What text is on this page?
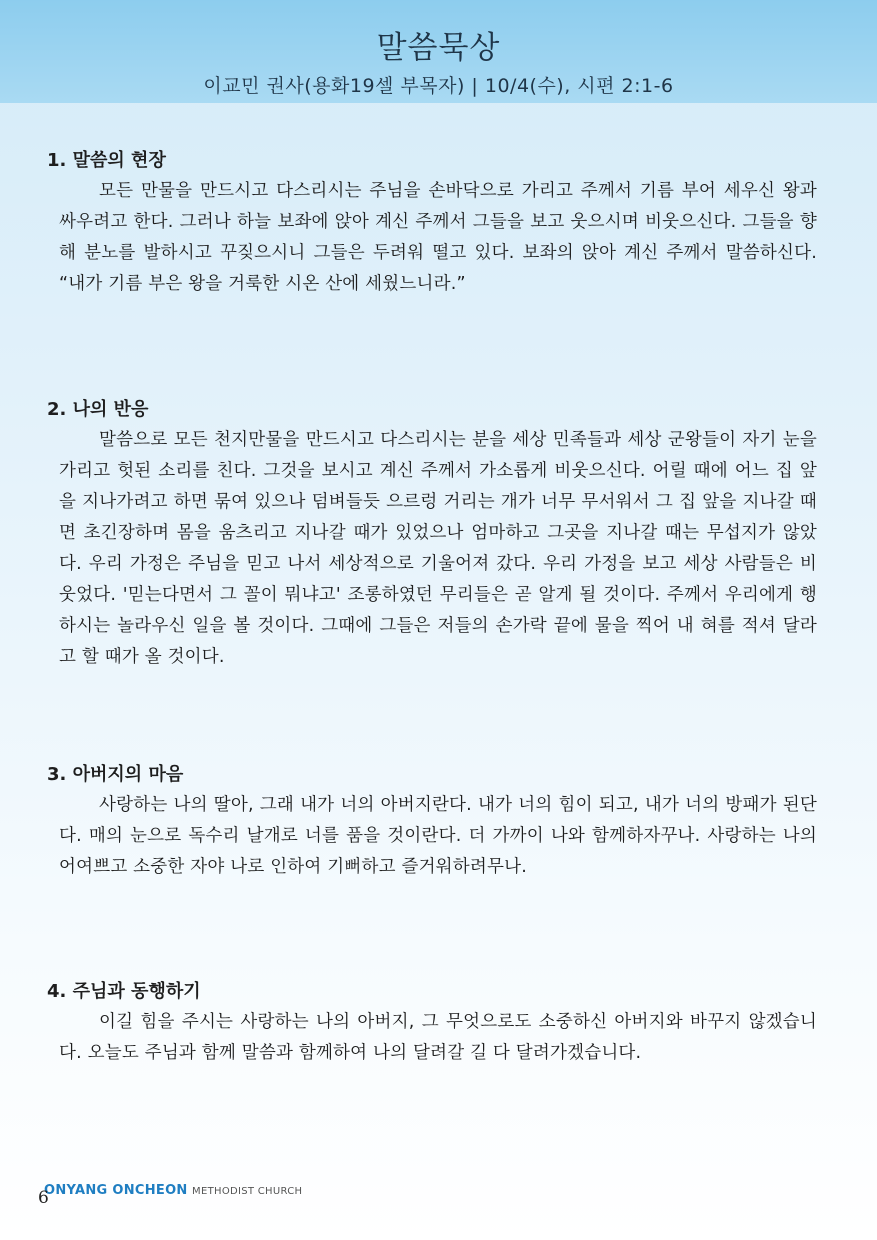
말씀묵상
이교민 권사(용화19셀 부목자) | 10/4(수), 시편 2:1-6
1. 말씀의 현장
모든 만물을 만드시고 다스리시는 주님을 손바닥으로 가리고 주께서 기름 부어 세우신 왕과 싸우려고 한다. 그러나 하늘 보좌에 앉아 계신 주께서 그들을 보고 웃으시며 비웃으신다. 그들을 향해 분노를 발하시고 꾸짖으시니 그들은 두려워 떨고 있다. 보좌의 앉아 계신 주께서 말씀하신다. “내가 기름 부은 왕을 거룩한 시온 산에 세웠느니라.”
2. 나의 반응
말씀으로 모든 천지만물을 만드시고 다스리시는 분을 세상 민족들과 세상 군왕들이 자기 눈을 가리고 헛된 소리를 친다. 그것을 보시고 계신 주께서 가소롭게 비웃으신다. 어릴 때에 어느 집 앞을 지나가려고 하면 묶여 있으나 덤벼들듯 으르렁 거리는 개가 너무 무서워서 그 집 앞을 지나갈 때면 초긴장하며 몸을 움츠리고 지나갈 때가 있었으나 엄마하고 그곳을 지나갈 때는 무섭지가 않았다. 우리 가정은 주님을 믿고 나서 세상적으로 기울어져 갔다. 우리 가정을 보고 세상 사람들은 비웃었다. '믿는다면서 그 꼴이 뭐냐고' 조롱하였던 무리들은 곧 알게 될 것이다. 주께서 우리에게 행하시는 놀라우신 일을 볼 것이다. 그때에 그들은 저들의 손가락 끝에 물을 찍어 내 혀를 적셔 달라고 할 때가 올 것이다.
3. 아버지의 마음
사랑하는 나의 딸아, 그래 내가 너의 아버지란다. 내가 너의 힘이 되고, 내가 너의 방패가 된단다. 매의 눈으로 독수리 날개로 너를 품을 것이란다. 더 가까이 나와 함께하자꾸나. 사랑하는 나의 어여쁘고 소중한 자야 나로 인하여 기뻐하고 즐거워하려무나.
4. 주님과 동행하기
이길 힘을 주시는 사랑하는 나의 아버지, 그 무엇으로도 소중하신 아버지와 바꾸지 않겠습니다. 오늘도 주님과 함께 말씀과 함께하여 나의 달려갈 길 다 달려가겠습니다.
ONYANG ONCHEON METHODIST CHURCH
6
